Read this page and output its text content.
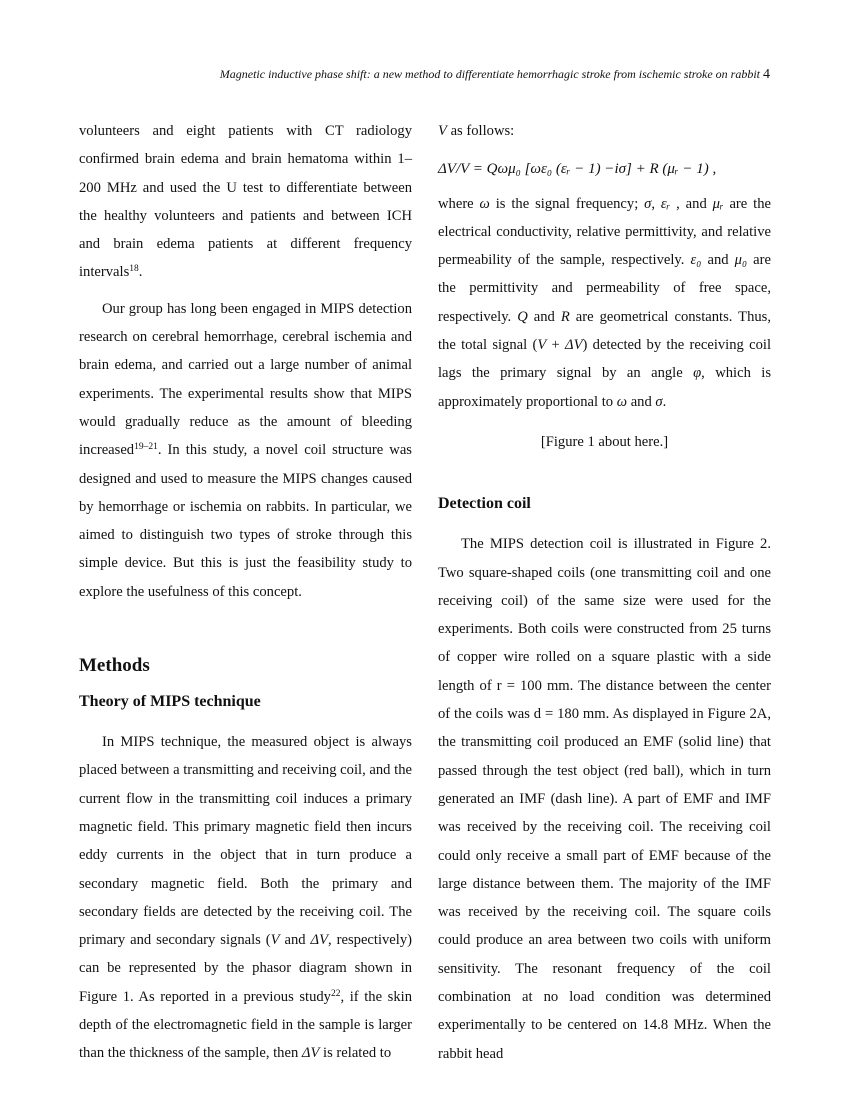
Magnetic inductive phase shift: a new method to differentiate hemorrhagic stroke from ischemic stroke on rabbit 4

volunteers and eight patients with CT radiology confirmed brain edema and brain hematoma within 1–200 MHz and used the U test to differentiate between the healthy volunteers and patients and between ICH and brain edema patients at different frequency intervals$^{18}$.

Our group has long been engaged in MIPS detection research on cerebral hemorrhage, cerebral ischemia and brain edema, and carried out a large number of animal experiments. The experimental results show that MIPS would gradually reduce as the amount of bleeding increased$^{19-21}$. In this study, a novel coil structure was designed and used to measure the MIPS changes caused by hemorrhage or ischemia on rabbits. In particular, we aimed to distinguish two types of stroke through this simple device. But this is just the feasibility study to explore the usefulness of this concept.

Methods
Theory of MIPS technique

In MIPS technique, the measured object is always placed between a transmitting and receiving coil, and the current flow in the transmitting coil induces a primary magnetic field. This primary magnetic field then incurs eddy currents in the object that in turn produce a secondary magnetic field. Both the primary and secondary fields are detected by the receiving coil. The primary and secondary signals (V and ΔV, respectively) can be represented by the phasor diagram shown in Figure 1. As reported in a previous study$^{22}$, if the skin depth of the electromagnetic field in the sample is larger than the thickness of the sample, then ΔV is related to

V as follows:

ΔV/V = Qωμ₀ [ωε₀ (εᵣ − 1) −iσ] + R (μᵣ − 1) ,

where ω is the signal frequency; σ, εᵣ , and μᵣ are the electrical conductivity, relative permittivity, and relative permeability of the sample, respectively. ε₀ and μ₀ are the permittivity and permeability of free space, respectively. Q and R are geometrical constants. Thus, the total signal (V + ΔV) detected by the receiving coil lags the primary signal by an angle φ, which is approximately proportional to ω and σ.

[Figure 1 about here.]

Detection coil

The MIPS detection coil is illustrated in Figure 2. Two square-shaped coils (one transmitting coil and one receiving coil) of the same size were used for the experiments. Both coils were constructed from 25 turns of copper wire rolled on a square plastic with a side length of r = 100 mm. The distance between the center of the coils was d = 180 mm. As displayed in Figure 2A, the transmitting coil produced an EMF (solid line) that passed through the test object (red ball), which in turn generated an IMF (dash line). A part of EMF and IMF was received by the receiving coil. The receiving coil could only receive a small part of EMF because of the large distance between them. The majority of the IMF was received by the receiving coil. The square coils could produce an area between two coils with uniform sensitivity. The resonant frequency of the coil combination at no load condition was determined experimentally to be centered on 14.8 MHz. When the rabbit head
